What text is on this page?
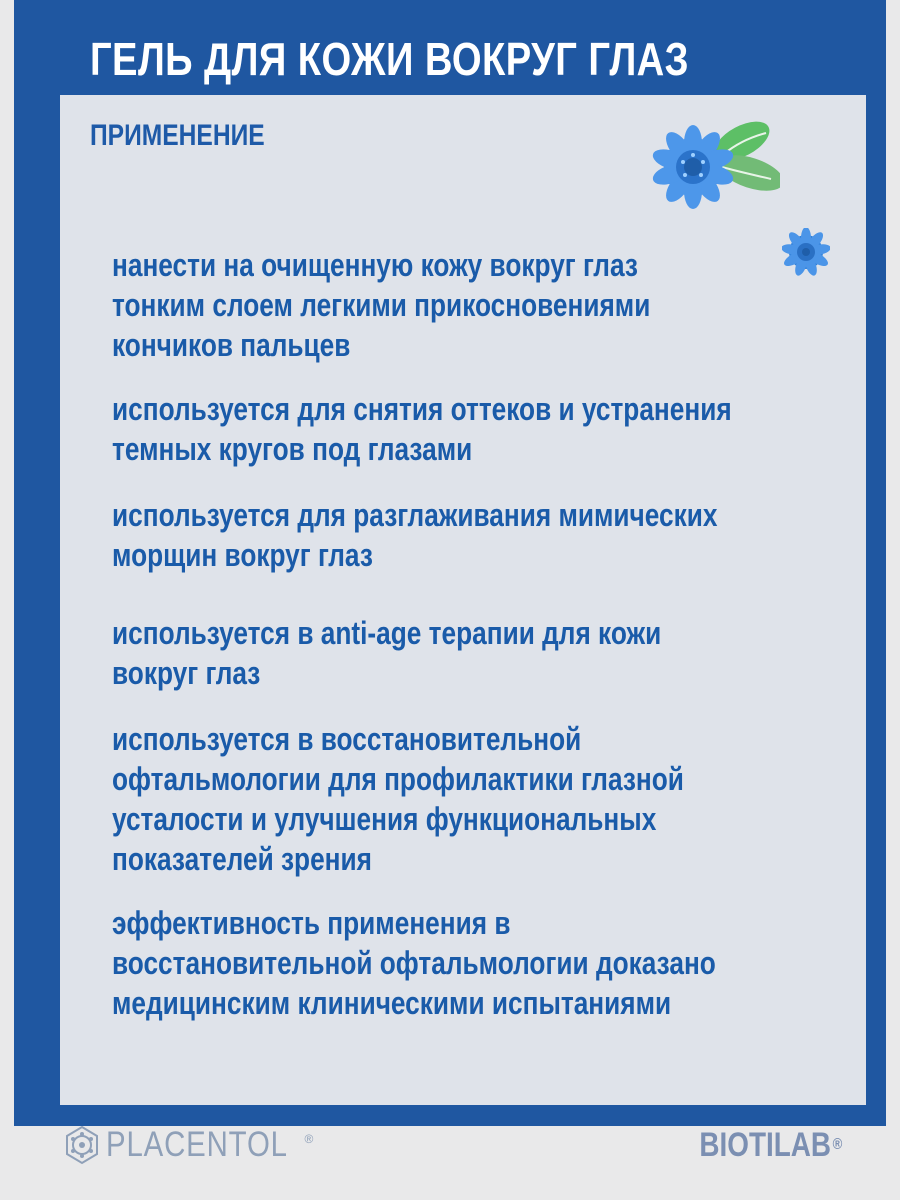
ГЕЛЬ ДЛЯ КОЖИ ВОКРУГ ГЛАЗ
ПРИМЕНЕНИЕ
нанести на очищенную кожу вокруг глаз
тонким слоем легкими прикосновениями
кончиков пальцев
используется для снятия оттеков и устранения
темных кругов под глазами
используется для разглаживания мимических
морщин вокруг глаз
используется в anti-age терапии для кожи
вокруг глаз
используется в восстановительной
офтальмологии для профилактики глазной
усталости и улучшения функциональных
показателей зрения
эффективность применения в
восстановительной офтальмологии доказано
медицинским клиническими испытаниями
PLACENTOL ®	BIOTILAB ®
